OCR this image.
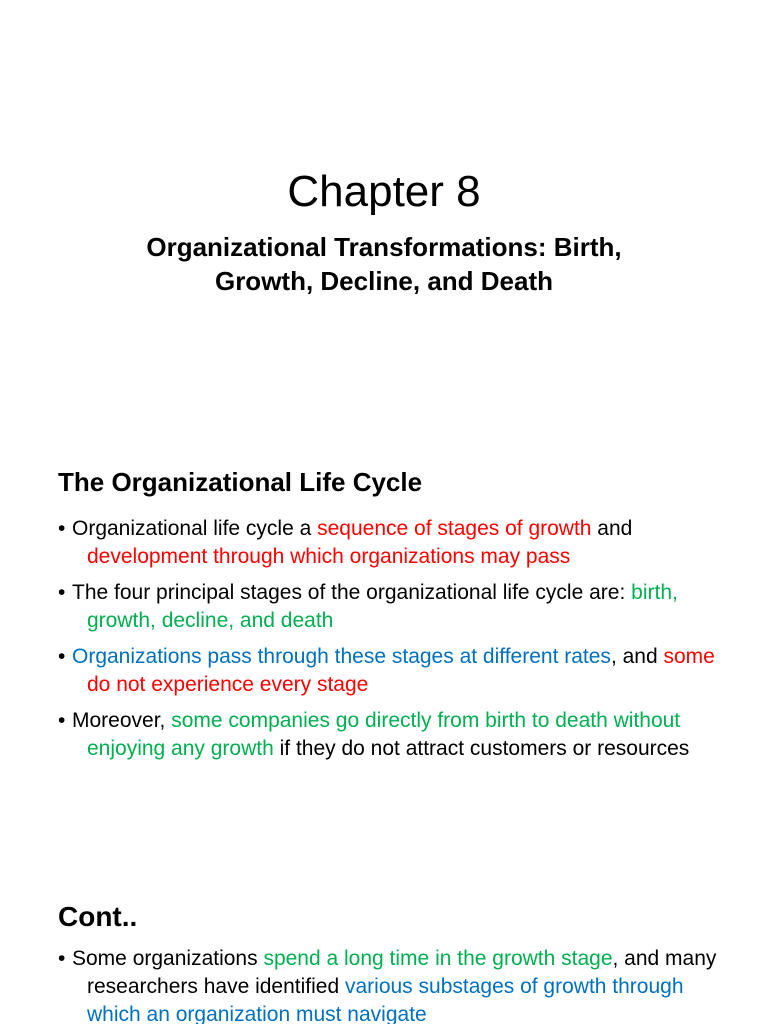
Chapter 8
Organizational Transformations: Birth,
Growth, Decline, and Death
The Organizational Life Cycle
• Organizational life cycle a sequence of stages of growth and development through which organizations may pass
• The four principal stages of the organizational life cycle are: birth, growth, decline, and death
• Organizations pass through these stages at different rates, and some do not experience every stage
• Moreover, some companies go directly from birth to death without enjoying any growth if they do not attract customers or resources
Cont..
• Some organizations spend a long time in the growth stage, and many researchers have identified various substages of growth through which an organization must navigate
